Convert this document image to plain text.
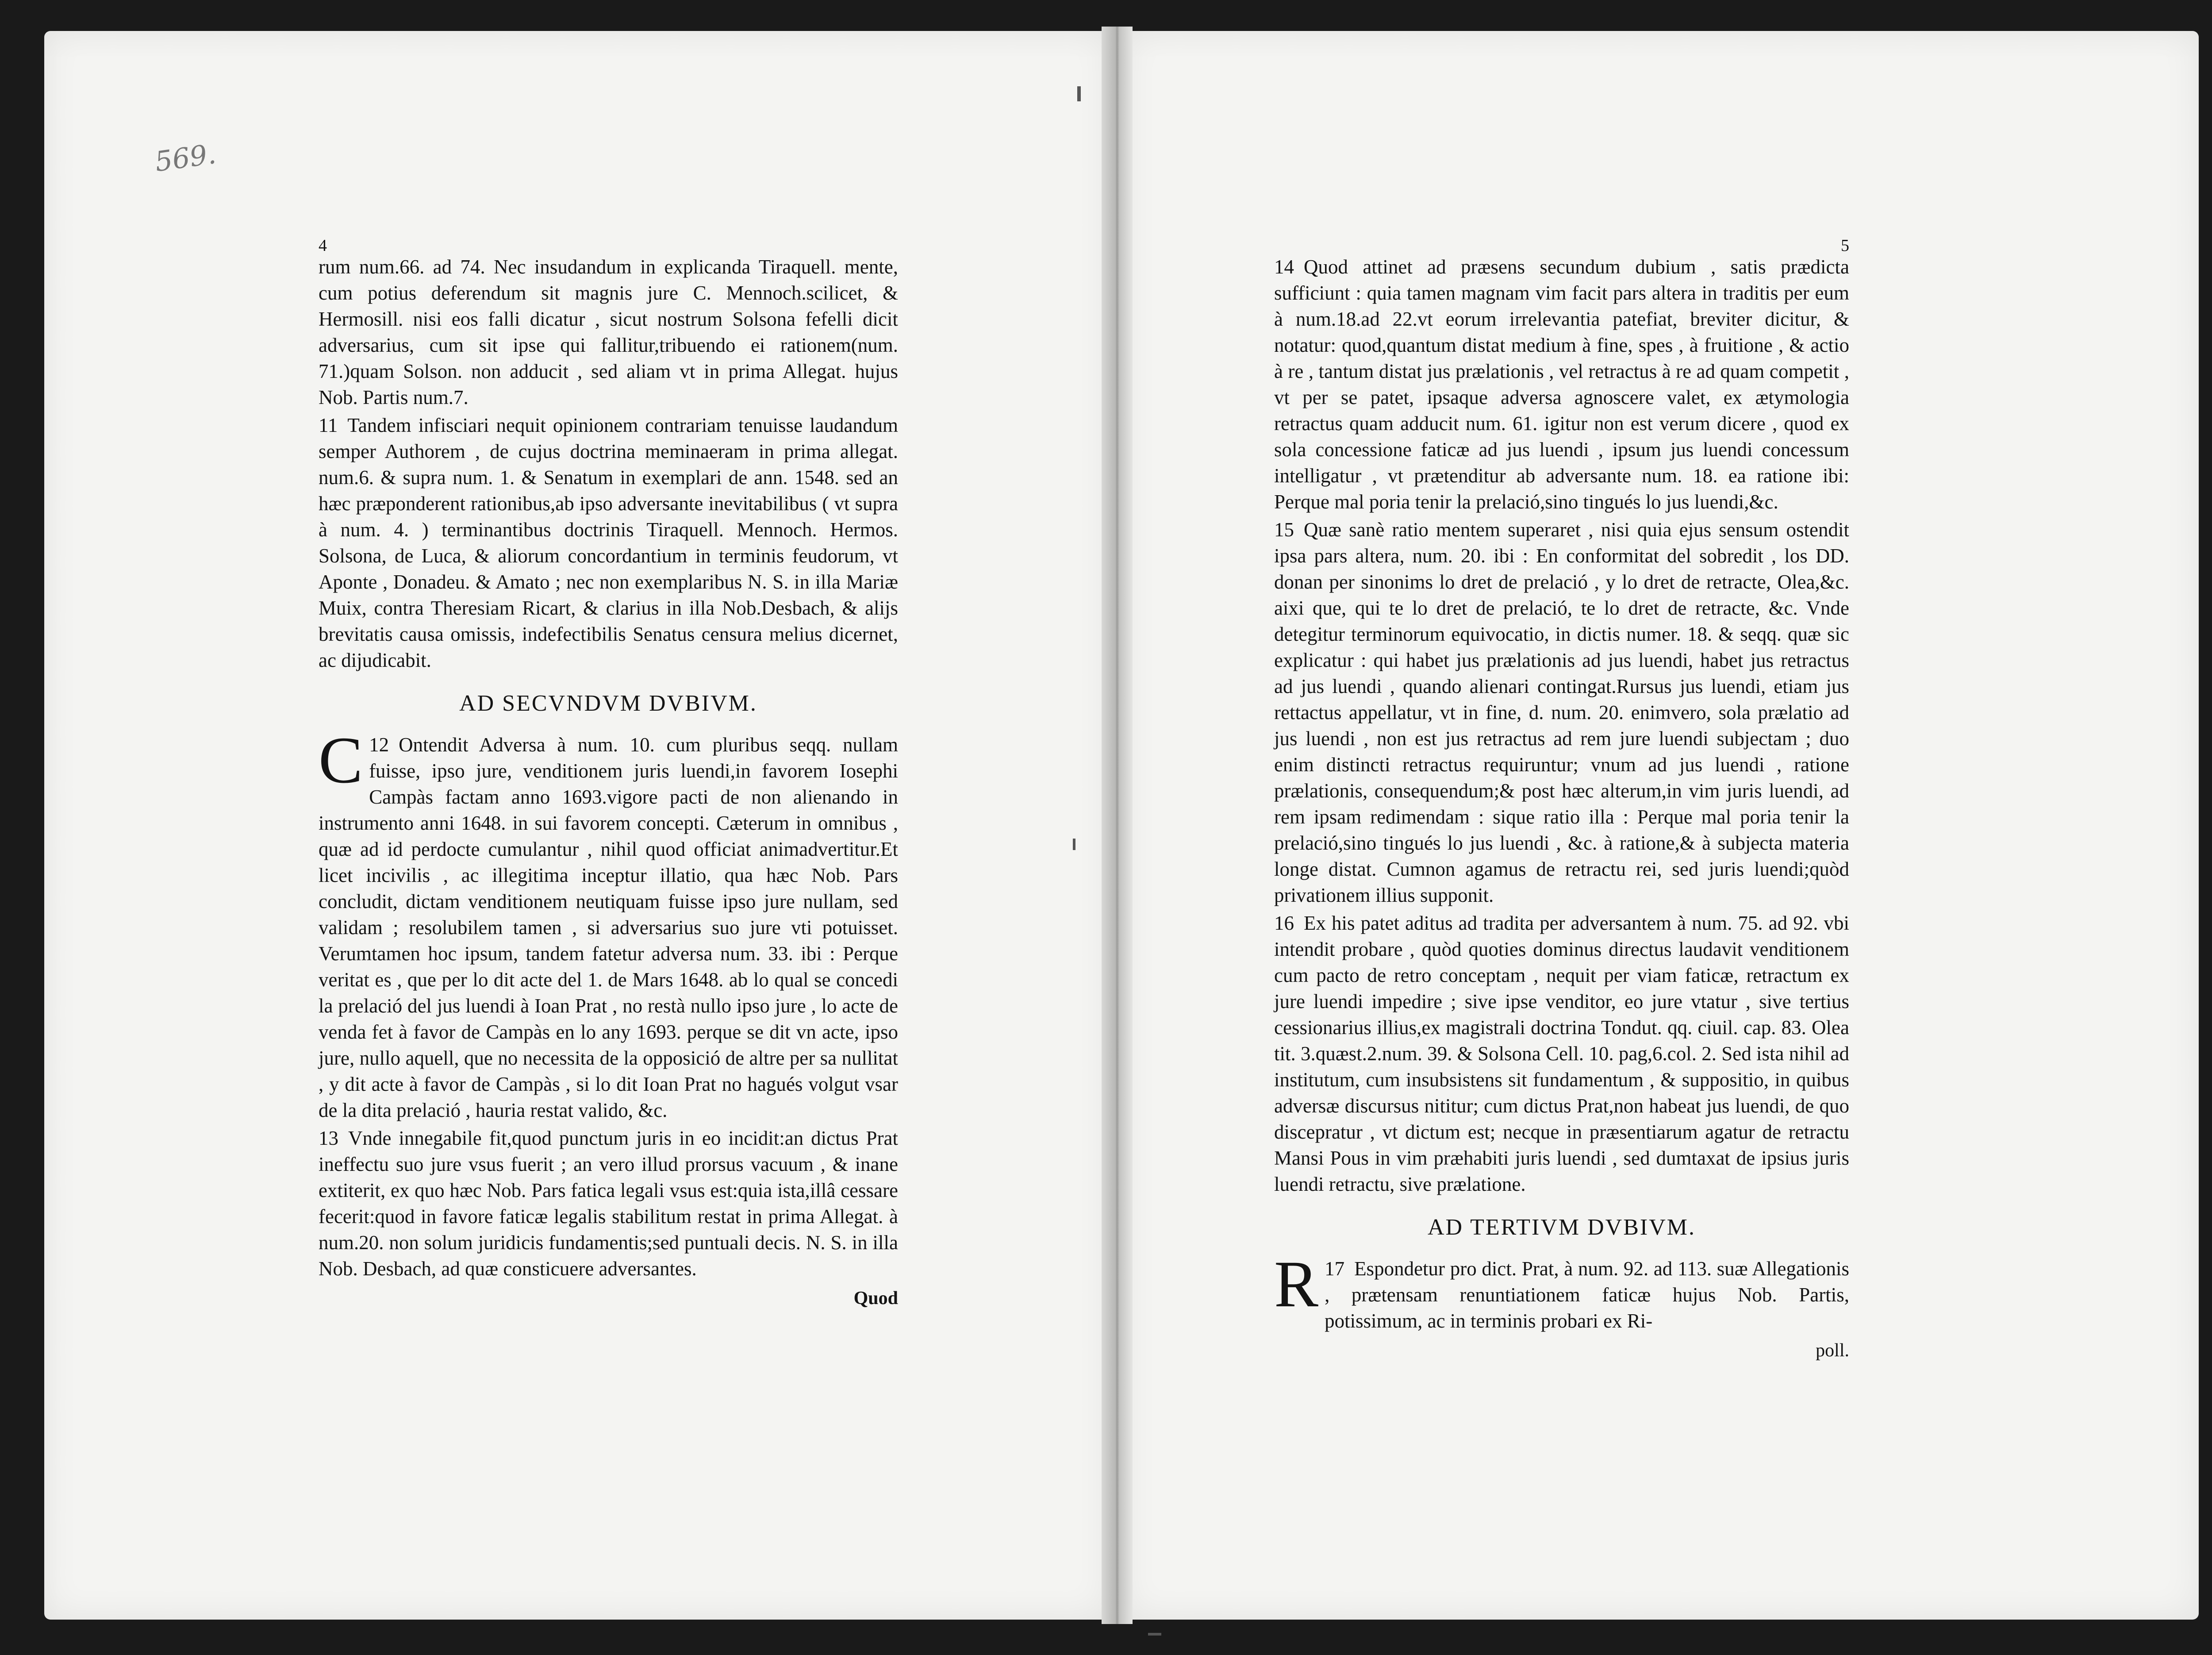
569.
4

rum num.66. ad 74. Nec insudandum in explicanda Tiraquell. mente, cum potius deferendum sit magnis jure C. Mennoch.scilicet, & Hermosill. nisi eos falli dicatur , sicut nostrum Solsona fefelli dicit adversarius, cum sit ipse qui fallitur,tribuendo ei rationem(num. 71.)quam Solson. non adducit , sed aliam vt in prima Allegat. hujus Nob. Partis num.7.

11 Tandem infisciari nequit opinionem contrariam tenuisse laudandum semper Authorem , de cujus doctrina meminaeram in prima allegat. num.6. & supra num. 1. & Senatum in exemplari de ann. 1548. sed an hæc præponderent rationibus,ab ipso adversante inevitabilibus ( vt supra à num. 4. ) terminantibus doctrinis Tiraquell. Mennoch. Hermos. Solsona, de Luca, & aliorum concordantium in terminis feudorum, vt Aponte , Donadeu. & Amato ; nec non exemplaribus N. S. in illa Mariæ Muix, contra Theresiam Ricart, & clarius in illa Nob.Desbach, & alijs brevitatis causa omissis, indefectibilis Senatus censura melius dicernet, ac dijudicabit.

AD SECVNDVM DVBIVM.

12
C Ontendit Adversa à num. 10. cum pluribus seqq. nullam fuisse, ipso jure, venditionem juris luendi,in favorem Iosephi Campàs factam anno 1693.vigore pacti de non alienando in instrumento anni 1648. in sui favorem concepti. Cæterum in omnibus , quæ ad id perdocte cumulantur , nihil quod officiat animadvertitur.Et licet incivilis , ac illegitima inceptur illatio, qua hæc Nob. Pars concludit, dictam venditionem neutiquam fuisse ipso jure nullam, sed validam ; resolubilem tamen , si adversarius suo jure vti potuisset. Verumtamen hoc ipsum, tandem fatetur adversa num. 33. ibi : Perque veritat es , que per lo dit acte del 1. de Mars 1648. ab lo qual se concedi la prelació del jus luendi à Ioan Prat , no restà nullo ipso jure , lo acte de venda fet à favor de Campàs en lo any 1693. perque se dit vn acte, ipso jure, nullo aquell, que no necessita de la opposició de altre per sa nullitat , y dit acte à favor de Campàs , si lo dit Ioan Prat no hagués volgut vsar de la dita prelació , hauria restat valido, &c.

13 Vnde innegabile fit,quod punctum juris in eo incidit:an dictus Prat ineffectu suo jure vsus fuerit ; an vero illud prorsus vacuum , & inane extiterit, ex quo hæc Nob. Pars fatica legali vsus est:quia ista,illâ cessare fecerit:quod in favore faticæ legalis stabilitum restat in prima Allegat. à num.20. non solum juridicis fundamentis;sed puntuali decis. N. S. in illa Nob. Desbach, ad quæ consticuere adversantes.

Quod
5

14 Quod attinet ad præsens secundum dubium , satis prædicta sufficiunt : quia tamen magnam vim facit pars altera in traditis per eum à num.18.ad 22.vt eorum irrelevantia patefiat, breviter dicitur, & notatur: quod,quantum distat medium à fine, spes , à fruitione , & actio à re , tantum distat jus prælationis , vel retractus à re ad quam competit , vt per se patet, ipsaque adversa agnoscere valet, ex ætymologia retractus quam adducit num. 61. igitur non est verum dicere , quod ex sola concessione faticæ ad jus luendi , ipsum jus luendi concessum intelligatur , vt prætenditur ab adversante num. 18. ea ratione ibi: Perque mal poria tenir la prelació,sino tingués lo jus luendi,&c.

15 Quæ sanè ratio mentem superaret , nisi quia ejus sensum ostendit ipsa pars altera, num. 20. ibi : En conformitat del sobredit , los DD. donan per sinonims lo dret de prelació , y lo dret de retracte, Olea,&c. aixi que, qui te lo dret de prelació, te lo dret de retracte, &c. Vnde detegitur terminorum equivocatio, in dictis numer. 18. & seqq. quæ sic explicatur : qui habet jus prælationis ad jus luendi, habet jus retractus ad jus luendi , quando alienari contingat.Rursus jus luendi, etiam jus rettactus appellatur, vt in fine, d. num. 20. enimvero, sola prælatio ad jus luendi , non est jus retractus ad rem jure luendi subjectam ; duo enim distincti retractus requiruntur; vnum ad jus luendi , ratione prælationis, consequendum;& post hæc alterum,in vim juris luendi, ad rem ipsam redimendam : sique ratio illa : Perque mal poria tenir la prelació,sino tingués lo jus luendi , &c. à ratione,& à subjecta materia longe distat. Cumnon agamus de retractu rei, sed juris luendi;quòd privationem illius supponit.

16 Ex his patet aditus ad tradita per adversantem à num. 75. ad 92. vbi intendit probare , quòd quoties dominus directus laudavit venditionem cum pacto de retro conceptam , nequit per viam faticæ, retractum ex jure luendi impedire ; sive ipse venditor, eo jure vtatur , sive tertius cessionarius illius,ex magistrali doctrina Tondut. qq. ciuil. cap. 83. Olea tit. 3.quæst.2.num. 39. & Solsona Cell. 10. pag,6.col. 2. Sed ista nihil ad institutum, cum insubsistens sit fundamentum , & suppositio, in quibus adversæ discursus nititur; cum dictus Prat,non habeat jus luendi, de quo discepratur , vt dictum est; necque in præsentiarum agatur de retractu Mansi Pous in vim præhabiti juris luendi , sed dumtaxat de ipsius juris luendi retractu, sive prælatione.

AD TERTIVM DVBIVM.

17
R Espondetur pro dict. Prat, à num. 92. ad 113. suæ Allegationis , prætensam renuntiationem faticæ hujus Nob. Partis, potissimum, ac in terminis probari ex Ri-

poll.
